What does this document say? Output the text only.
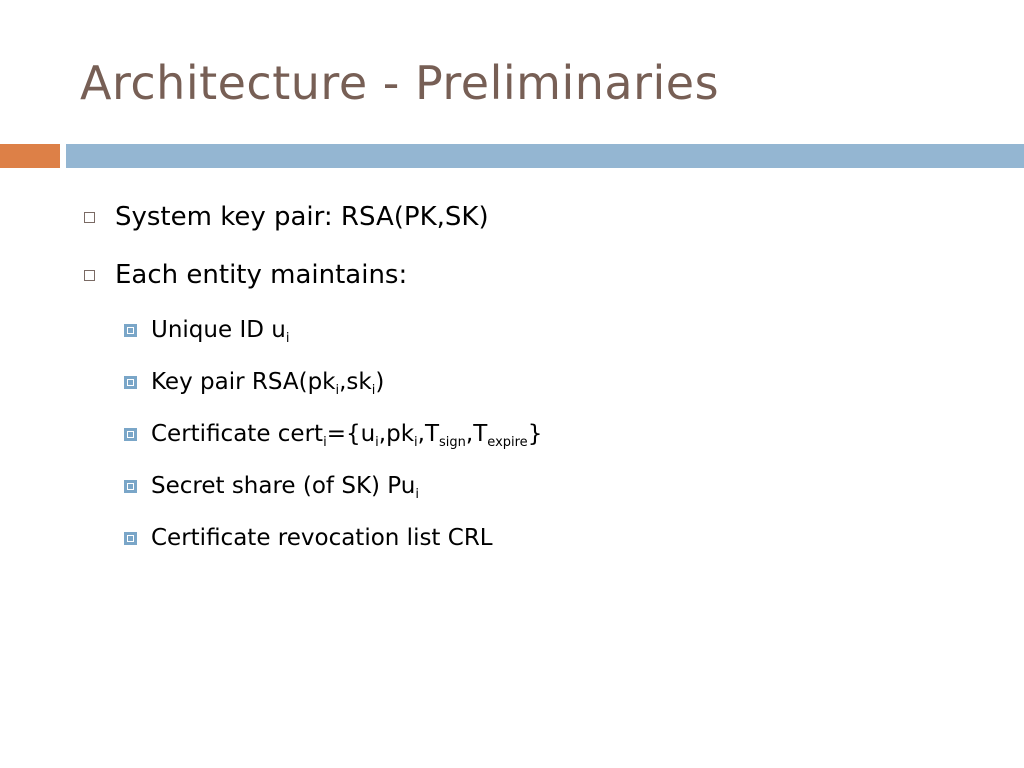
Architecture - Preliminaries
System key pair: RSA(PK,SK)
Each entity maintains:
Unique ID $u_i$
Key pair $RSA(pk_i,sk_i)$
Certificate $cert_i=\{u_i,pk_i,T_{sign},T_{expire}\}$
Secret share (of SK) $Pu_i$
Certificate revocation list CRL
